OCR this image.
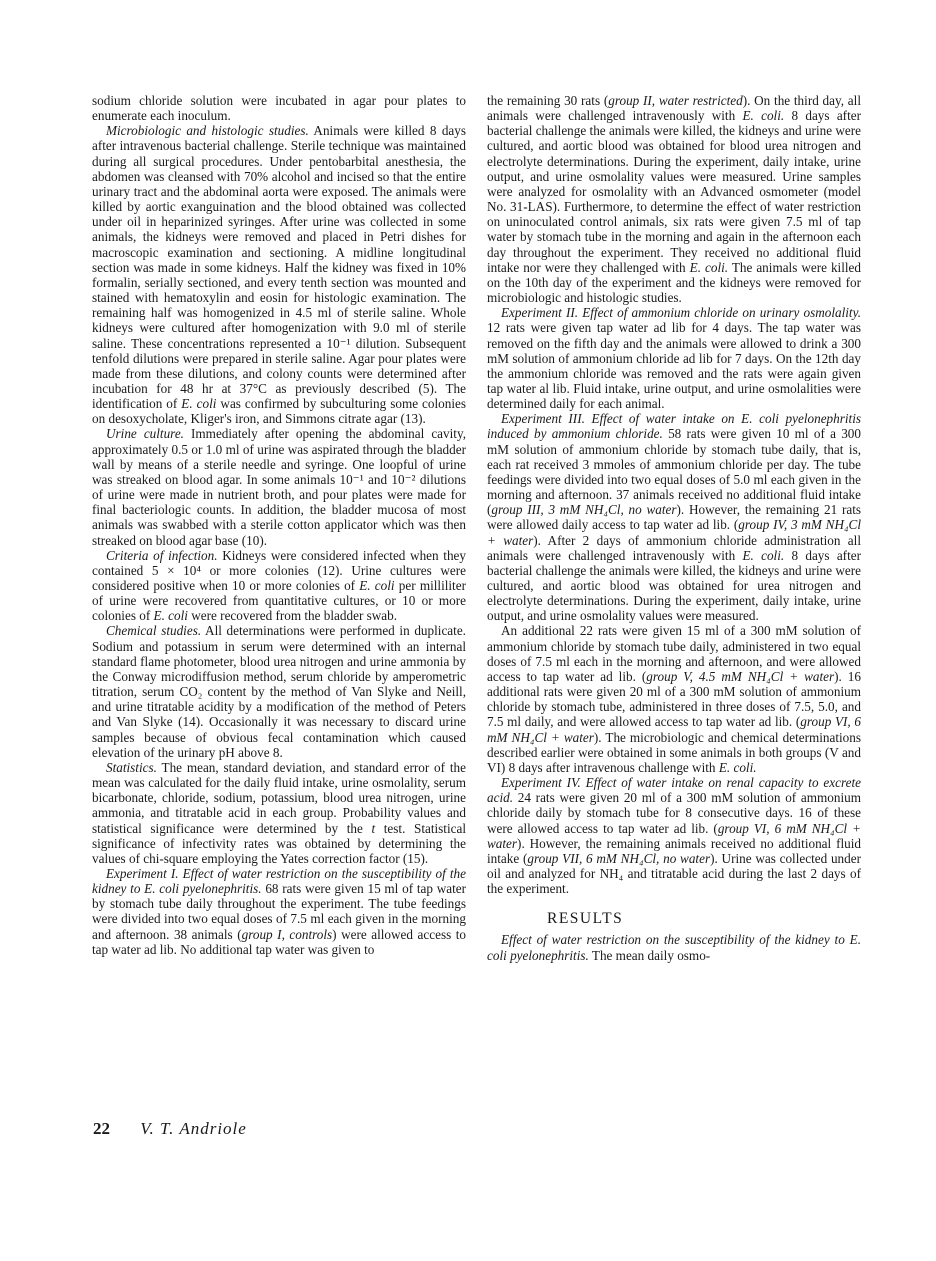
sodium chloride solution were incubated in agar pour plates to enumerate each inoculum.

Microbiologic and histologic studies. Animals were killed 8 days after intravenous bacterial challenge. Sterile technique was maintained during all surgical procedures. Under pentobarbital anesthesia, the abdomen was cleansed with 70% alcohol and incised so that the entire urinary tract and the abdominal aorta were exposed. The animals were killed by aortic exanguination and the blood obtained was collected under oil in heparinized syringes. After urine was collected in some animals, the kidneys were removed and placed in Petri dishes for macroscopic examination and sectioning. A midline longitudinal section was made in some kidneys. Half the kidney was fixed in 10% formalin, serially sectioned, and every tenth section was mounted and stained with hematoxylin and eosin for histologic examination. The remaining half was homogenized in 4.5 ml of sterile saline. Whole kidneys were cultured after homogenization with 9.0 ml of sterile saline. These concentrations represented a 10⁻¹ dilution. Subsequent tenfold dilutions were prepared in sterile saline. Agar pour plates were made from these dilutions, and colony counts were determined after incubation for 48 hr at 37°C as previously described (5). The identification of E. coli was confirmed by subculturing some colonies on desoxycholate, Kliger's iron, and Simmons citrate agar (13).

Urine culture. Immediately after opening the abdominal cavity, approximately 0.5 or 1.0 ml of urine was aspirated through the bladder wall by means of a sterile needle and syringe. One loopful of urine was streaked on blood agar. In some animals 10⁻¹ and 10⁻² dilutions of urine were made in nutrient broth, and pour plates were made for final bacteriologic counts. In addition, the bladder mucosa of most animals was swabbed with a sterile cotton applicator which was then streaked on blood agar base (10).

Criteria of infection. Kidneys were considered infected when they contained 5 × 10⁴ or more colonies (12). Urine cultures were considered positive when 10 or more colonies of E. coli per milliliter of urine were recovered from quantitative cultures, or 10 or more colonies of E. coli were recovered from the bladder swab.

Chemical studies. All determinations were performed in duplicate. Sodium and potassium in serum were determined with an internal standard flame photometer, blood urea nitrogen and urine ammonia by the Conway microdiffusion method, serum chloride by amperometric titration, serum CO₂ content by the method of Van Slyke and Neill, and urine titratable acidity by a modification of the method of Peters and Van Slyke (14). Occasionally it was necessary to discard urine samples because of obvious fecal contamination which caused elevation of the urinary pH above 8.

Statistics. The mean, standard deviation, and standard error of the mean was calculated for the daily fluid intake, urine osmolality, serum bicarbonate, chloride, sodium, potassium, blood urea nitrogen, urine ammonia, and titratable acid in each group. Probability values and statistical significance were determined by the t test. Statistical significance of infectivity rates was obtained by determining the values of chi-square employing the Yates correction factor (15).

Experiment I. Effect of water restriction on the susceptibility of the kidney to E. coli pyelonephritis. 68 rats were given 15 ml of tap water by stomach tube daily throughout the experiment. The tube feedings were divided into two equal doses of 7.5 ml each given in the morning and afternoon. 38 animals (group I, controls) were allowed access to tap water ad lib. No additional tap water was given to

the remaining 30 rats (group II, water restricted). On the third day, all animals were challenged intravenously with E. coli. 8 days after bacterial challenge the animals were killed, the kidneys and urine were cultured, and aortic blood was obtained for blood urea nitrogen and electrolyte determinations. During the experiment, daily intake, urine output, and urine osmolality values were measured. Urine samples were analyzed for osmolality with an Advanced osmometer (model No. 31-LAS). Furthermore, to determine the effect of water restriction on uninoculated control animals, six rats were given 7.5 ml of tap water by stomach tube in the morning and again in the afternoon each day throughout the experiment. They received no additional fluid intake nor were they challenged with E. coli. The animals were killed on the 10th day of the experiment and the kidneys were removed for microbiologic and histologic studies.

Experiment II. Effect of ammonium chloride on urinary osmolality. 12 rats were given tap water ad lib for 4 days. The tap water was removed on the fifth day and the animals were allowed to drink a 300 mM solution of ammonium chloride ad lib for 7 days. On the 12th day the ammonium chloride was removed and the rats were again given tap water al lib. Fluid intake, urine output, and urine osmolalities were determined daily for each animal.

Experiment III. Effect of water intake on E. coli pyelonephritis induced by ammonium chloride. 58 rats were given 10 ml of a 300 mM solution of ammonium chloride by stomach tube daily, that is, each rat received 3 mmoles of ammonium chloride per day. The tube feedings were divided into two equal doses of 5.0 ml each given in the morning and afternoon. 37 animals received no additional fluid intake (group III, 3 mM NH₄Cl, no water). However, the remaining 21 rats were allowed daily access to tap water ad lib. (group IV, 3 mM NH₄Cl + water). After 2 days of ammonium chloride administration all animals were challenged intravenously with E. coli. 8 days after bacterial challenge the animals were killed, the kidneys and urine were cultured, and aortic blood was obtained for urea nitrogen and electrolyte determinations. During the experiment, daily intake, urine output, and urine osmolality values were measured.

An additional 22 rats were given 15 ml of a 300 mM solution of ammonium chloride by stomach tube daily, administered in two equal doses of 7.5 ml each in the morning and afternoon, and were allowed access to tap water ad lib. (group V, 4.5 mM NH₄Cl + water). 16 additional rats were given 20 ml of a 300 mM solution of ammonium chloride by stomach tube, administered in three doses of 7.5, 5.0, and 7.5 ml daily, and were allowed access to tap water ad lib. (group VI, 6 mM NH₄Cl + water). The microbiologic and chemical determinations described earlier were obtained in some animals in both groups (V and VI) 8 days after intravenous challenge with E. coli.

Experiment IV. Effect of water intake on renal capacity to excrete acid. 24 rats were given 20 ml of a 300 mM solution of ammonium chloride daily by stomach tube for 8 consecutive days. 16 of these were allowed access to tap water ad lib. (group VI, 6 mM NH₄Cl + water). However, the remaining animals received no additional fluid intake (group VII, 6 mM NH₄Cl, no water). Urine was collected under oil and analyzed for NH₄ and titratable acid during the last 2 days of the experiment.

RESULTS

Effect of water restriction on the susceptibility of the kidney to E. coli pyelonephritis. The mean daily osmo-

22 V. T. Andriole
